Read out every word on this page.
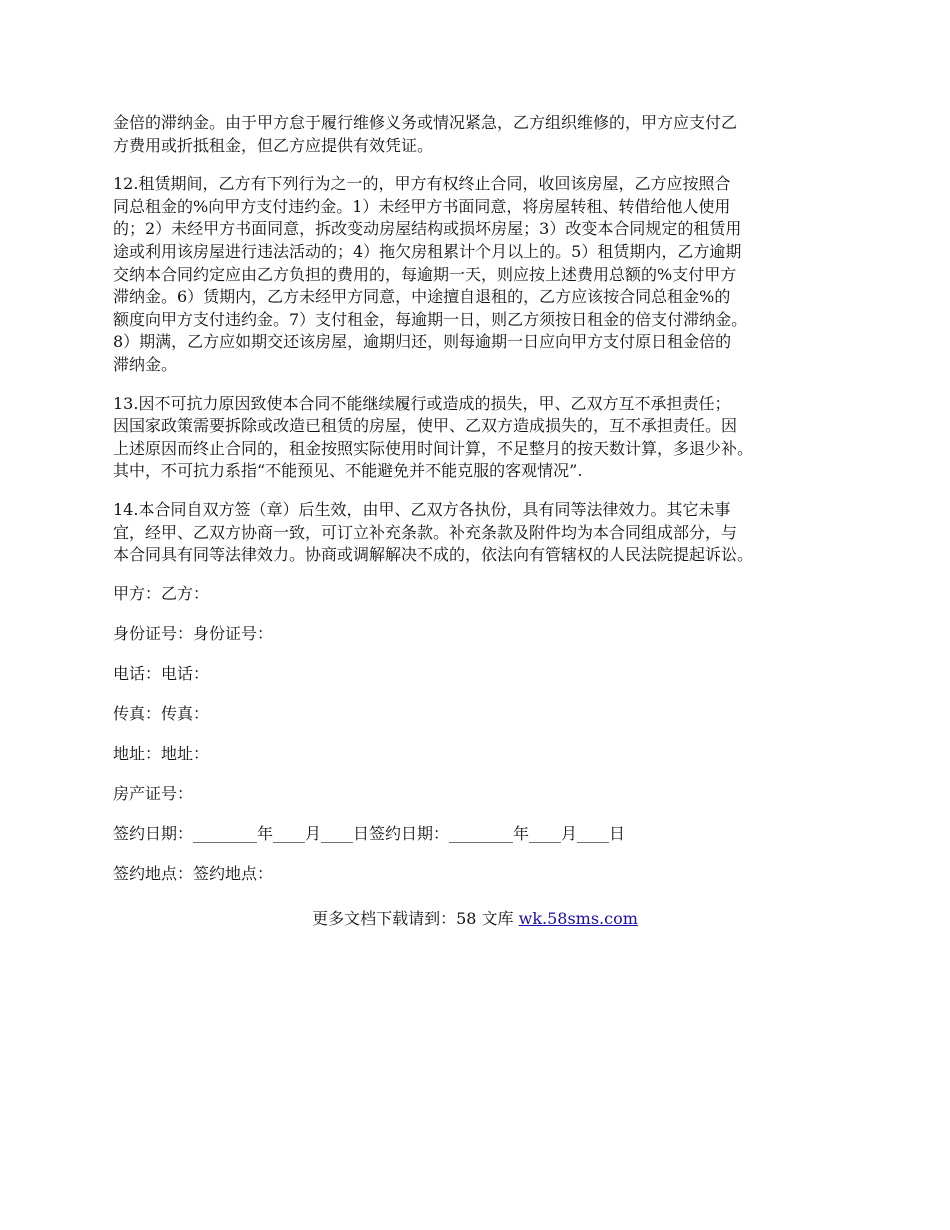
金倍的滞纳金。由于甲方怠于履行维修义务或情况紧急，乙方组织维修的，甲方应支付乙
方费用或折抵租金，但乙方应提供有效凭证。

12.租赁期间，乙方有下列行为之一的，甲方有权终止合同，收回该房屋，乙方应按照合
同总租金的%向甲方支付违约金。1）未经甲方书面同意，将房屋转租、转借给他人使用
的；2）未经甲方书面同意，拆改变动房屋结构或损坏房屋；3）改变本合同规定的租赁用
途或利用该房屋进行违法活动的；4）拖欠房租累计个月以上的。5）租赁期内，乙方逾期
交纳本合同约定应由乙方负担的费用的，每逾期一天，则应按上述费用总额的%支付甲方
滞纳金。6）赁期内，乙方未经甲方同意，中途擅自退租的，乙方应该按合同总租金%的
额度向甲方支付违约金。7）支付租金，每逾期一日，则乙方须按日租金的倍支付滞纳金。
8）期满，乙方应如期交还该房屋，逾期归还，则每逾期一日应向甲方支付原日租金倍的
滞纳金。

13.因不可抗力原因致使本合同不能继续履行或造成的损失，甲、乙双方互不承担责任；
因国家政策需要拆除或改造已租赁的房屋，使甲、乙双方造成损失的，互不承担责任。因
上述原因而终止合同的，租金按照实际使用时间计算，不足整月的按天数计算，多退少补。
其中，不可抗力系指“不能预见、不能避免并不能克服的客观情况”.

14.本合同自双方签（章）后生效，由甲、乙双方各执份，具有同等法律效力。其它未事
宜，经甲、乙双方协商一致，可订立补充条款。补充条款及附件均为本合同组成部分，与
本合同具有同等法律效力。协商或调解解决不成的，依法向有管辖权的人民法院提起诉讼。

甲方：乙方：
身份证号：身份证号：
电话：电话：
传真：传真：
地址：地址：
房产证号：
签约日期：________年____月____日签约日期：________年____月____日
签约地点：签约地点：
更多文档下载请到：58 文库 wk.58sms.com
